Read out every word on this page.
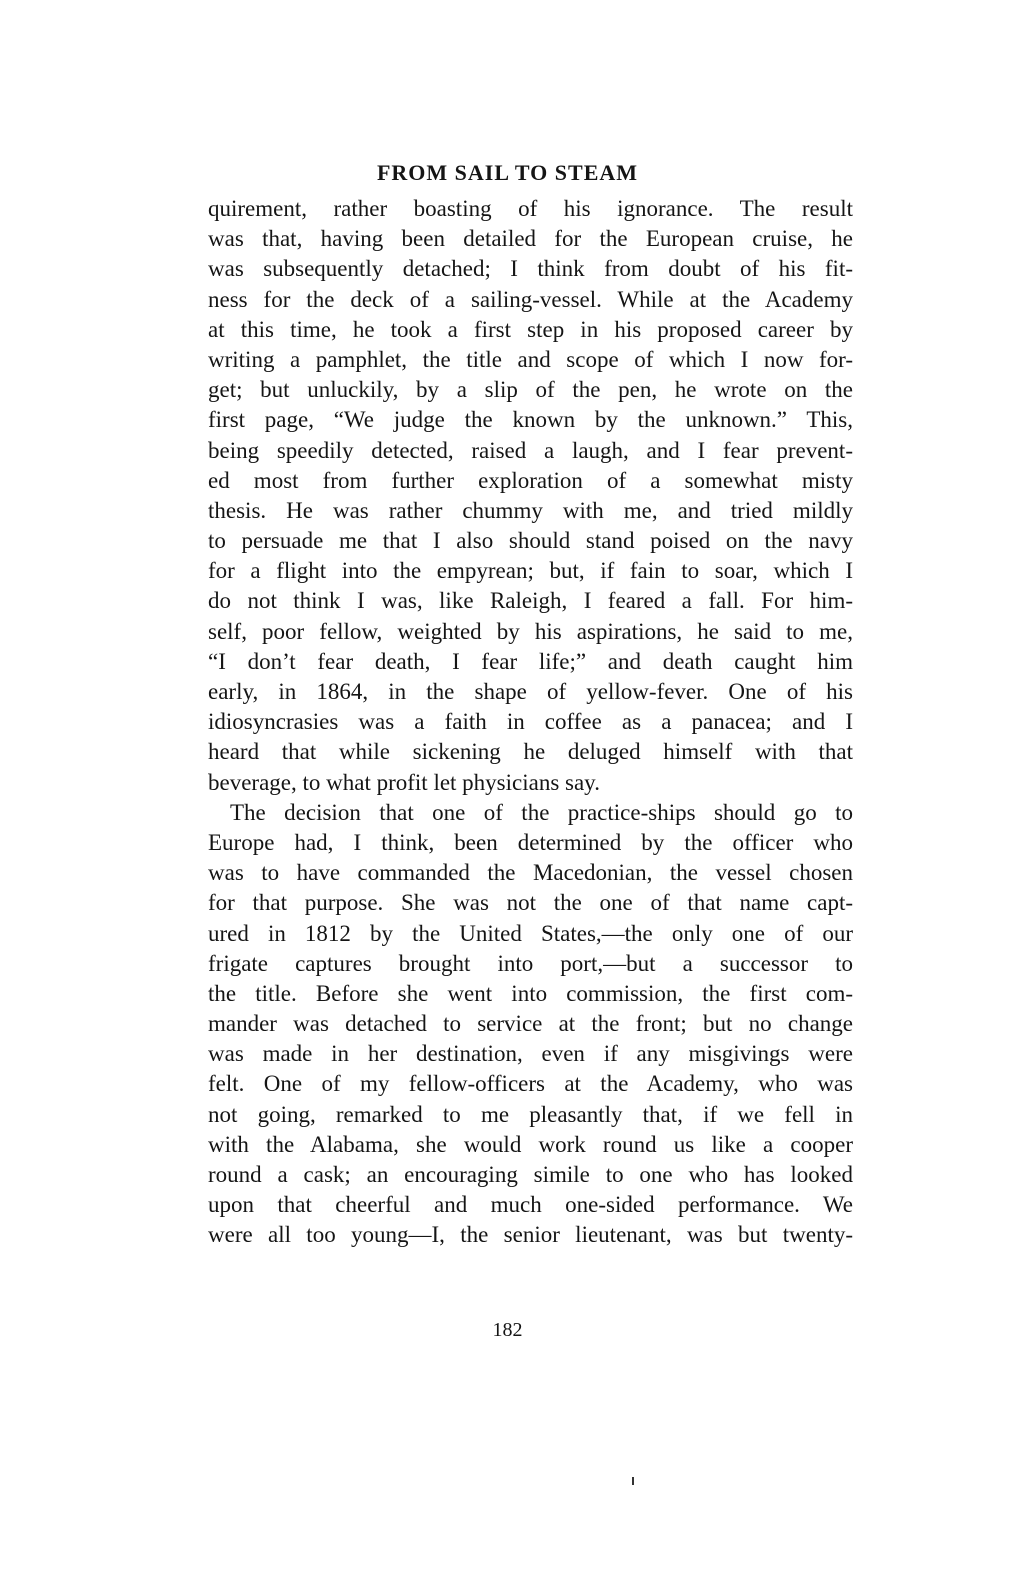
FROM SAIL TO STEAM
quirement, rather boasting of his ignorance. The result
was that, having been detailed for the European cruise, he
was subsequently detached; I think from doubt of his fit-
ness for the deck of a sailing-vessel. While at the Academy
at this time, he took a first step in his proposed career by
writing a pamphlet, the title and scope of which I now for-
get; but unluckily, by a slip of the pen, he wrote on the
first page, “We judge the known by the unknown.” This,
being speedily detected, raised a laugh, and I fear prevent-
ed most from further exploration of a somewhat misty
thesis. He was rather chummy with me, and tried mildly
to persuade me that I also should stand poised on the navy
for a flight into the empyrean; but, if fain to soar, which I
do not think I was, like Raleigh, I feared a fall. For him-
self, poor fellow, weighted by his aspirations, he said to me,
“I don’t fear death, I fear life;” and death caught him
early, in 1864, in the shape of yellow-fever. One of his
idiosyncrasies was a faith in coffee as a panacea; and I
heard that while sickening he deluged himself with that
beverage, to what profit let physicians say.
The decision that one of the practice-ships should go to
Europe had, I think, been determined by the officer who
was to have commanded the Macedonian, the vessel chosen
for that purpose. She was not the one of that name capt-
ured in 1812 by the United States,—the only one of our
frigate captures brought into port,—but a successor to
the title. Before she went into commission, the first com-
mander was detached to service at the front; but no change
was made in her destination, even if any misgivings were
felt. One of my fellow-officers at the Academy, who was
not going, remarked to me pleasantly that, if we fell in
with the Alabama, she would work round us like a cooper
round a cask; an encouraging simile to one who has looked
upon that cheerful and much one-sided performance. We
were all too young—I, the senior lieutenant, was but twenty-
182
